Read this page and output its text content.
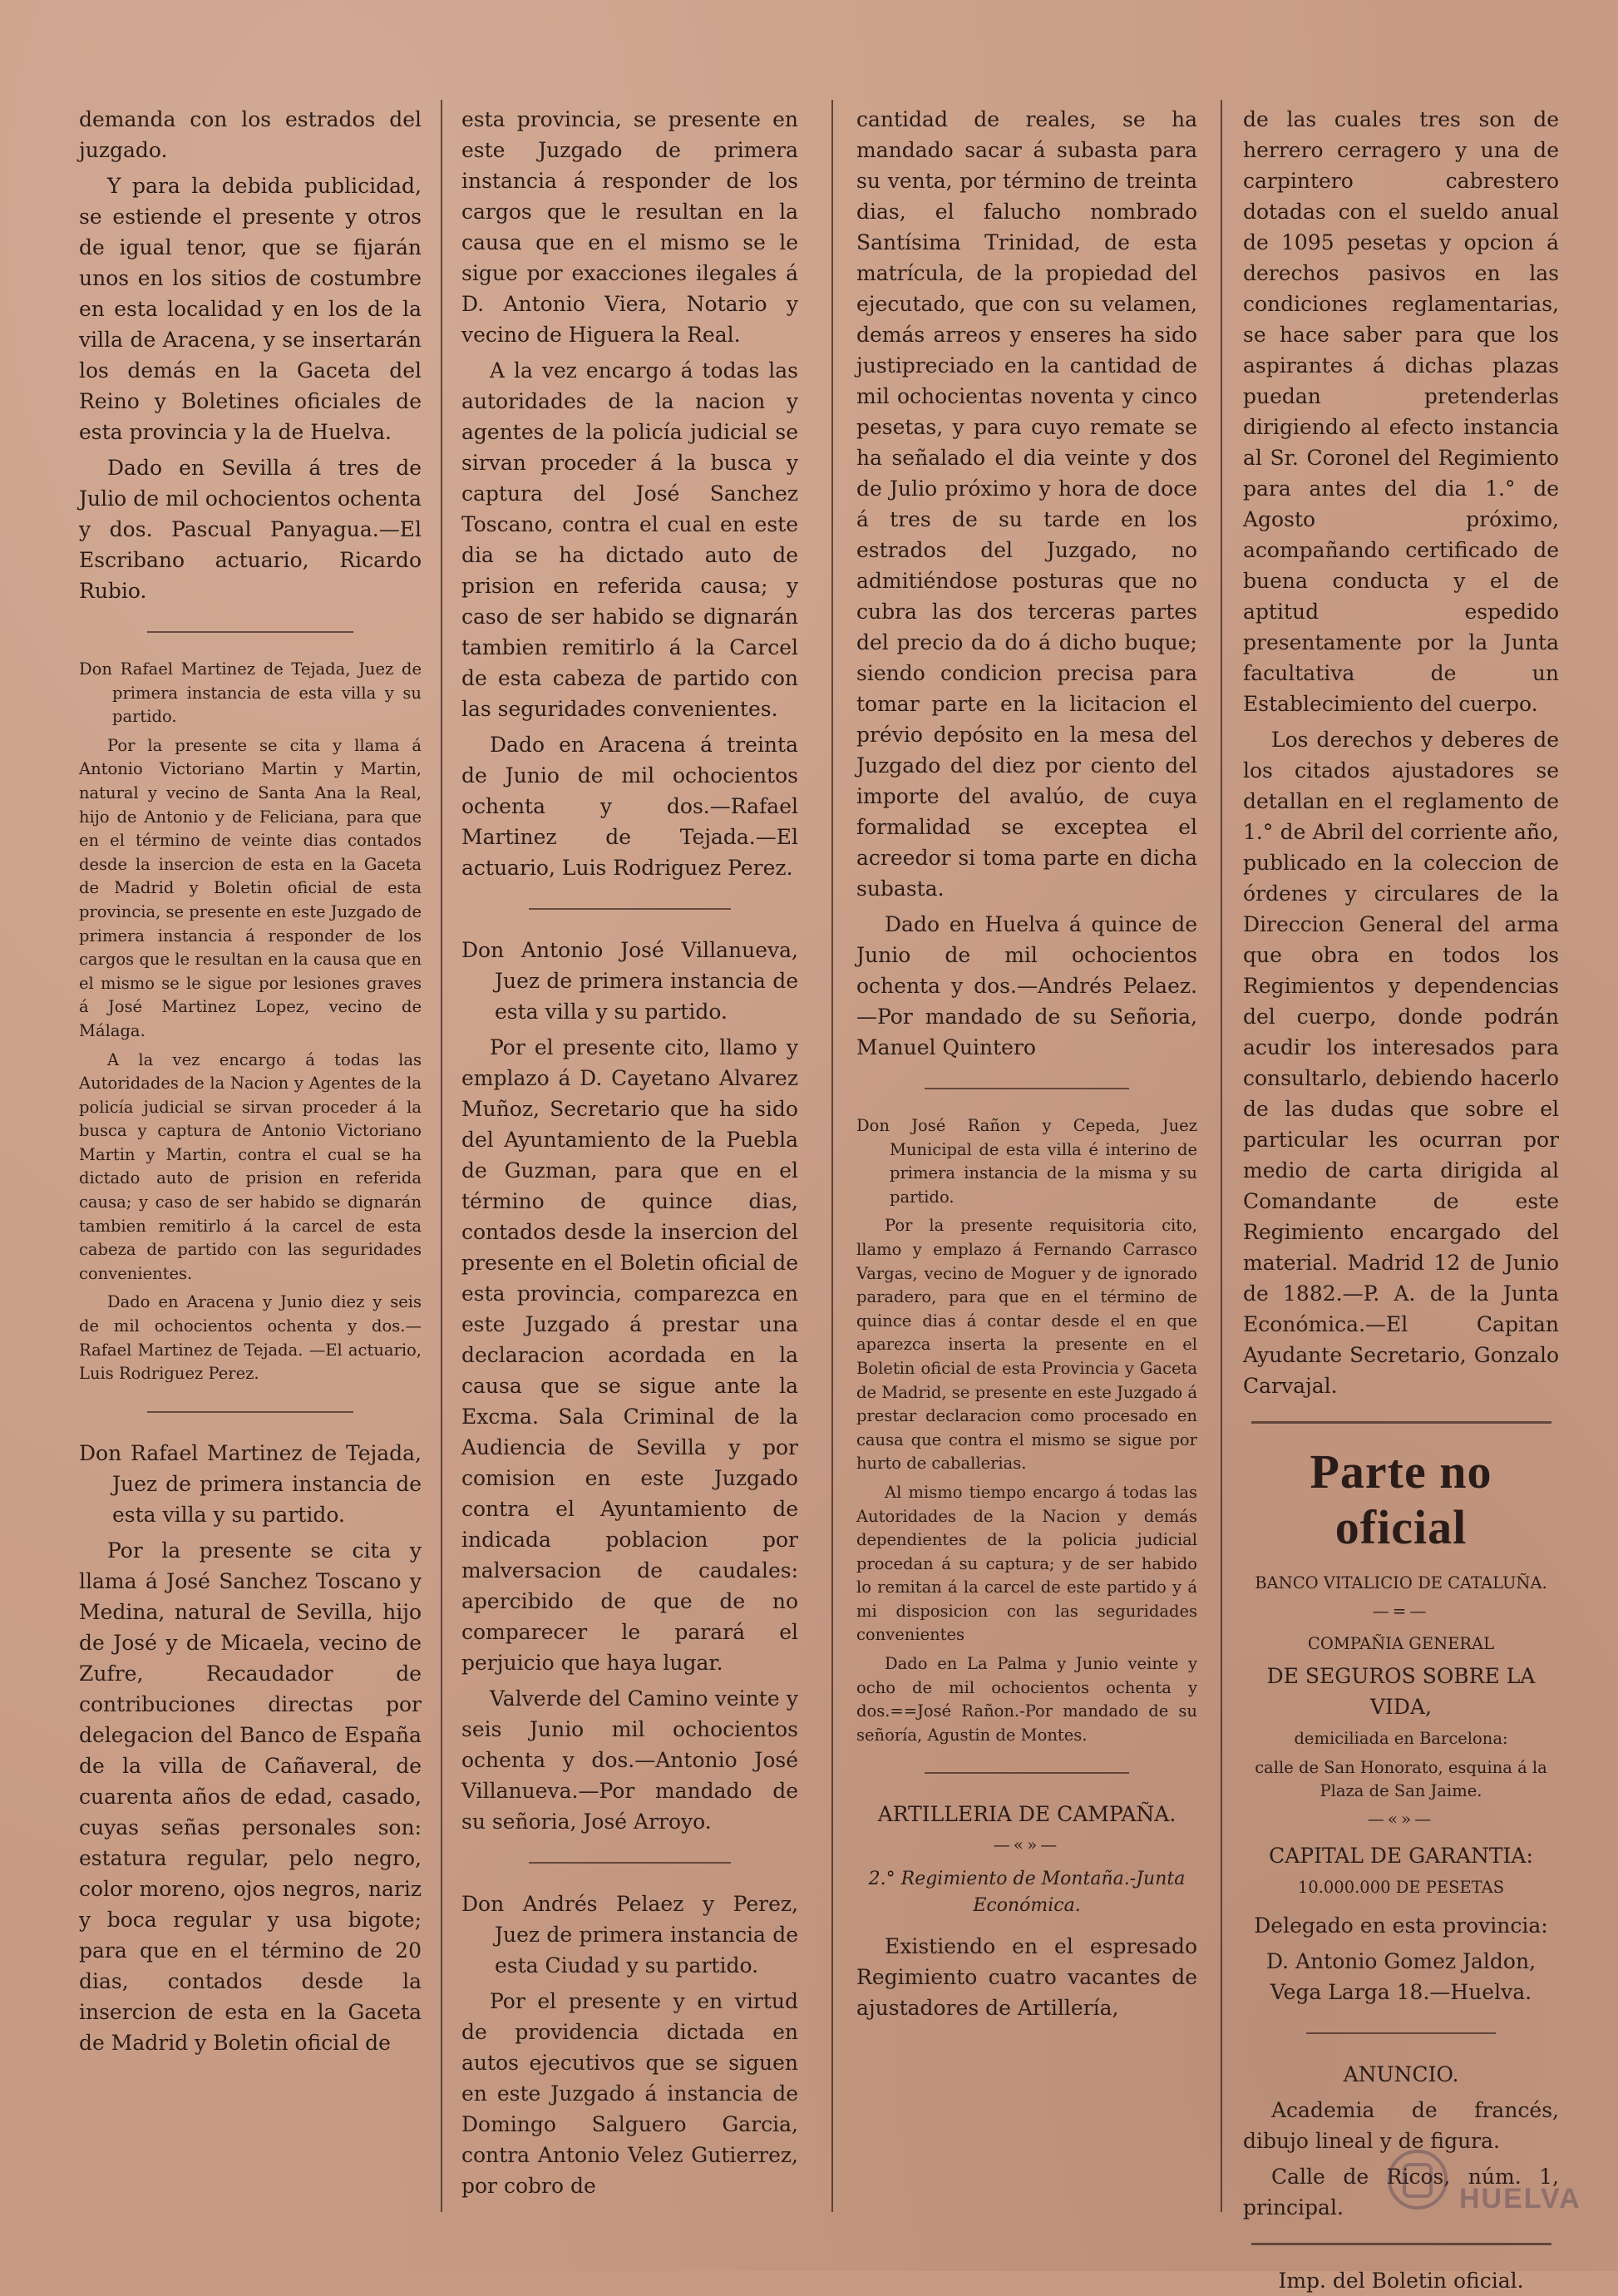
demanda con los estrados del juzgado.

Y para la debida publicidad, se estiende el presente y otros de igual tenor, que se fijarán unos en los sitios de costumbre en esta localidad y en los de la villa de Aracena, y se insertarán los demás en la Gaceta del Reino y Boletines oficiales de esta provincia y la de Huelva.

Dado en Sevilla á tres de Julio de mil ochocientos ochenta y dos. Pascual Panyagua.—El Escribano actuario, Ricardo Rubio.

Don Rafael Martinez de Tejada, Juez de primera instancia de esta villa y su partido.

Por la presente se cita y llama á Antonio Victoriano Martin y Martin, natural y vecino de Santa Ana la Real, hijo de Antonio y de Feliciana, para que en el término de veinte dias contados desde la insercion de esta en la Gaceta de Madrid y Boletin oficial de esta provincia, se presente en este Juzgado de primera instancia á responder de los cargos que le resultan en la causa que en el mismo se le sigue por lesiones graves á José Martinez Lopez, vecino de Málaga.

A la vez encargo á todas las Autoridades de la Nacion y Agentes de la policía judicial se sirvan proceder á la busca y captura de Antonio Victoriano Martin y Martin, contra el cual se ha dictado auto de prision en referida causa; y caso de ser habido se dignarán tambien remitirlo á la carcel de esta cabeza de partido con las seguridades convenientes.

Dado en Aracena y Junio diez y seis de mil ochocientos ochenta y dos.—Rafael Martinez de Tejada. —El actuario, Luis Rodriguez Perez.

Don Rafael Martinez de Tejada, Juez de primera instancia de esta villa y su partido.

Por la presente se cita y llama á José Sanchez Toscano y Medina, natural de Sevilla, hijo de José y de Micaela, vecino de Zufre, Recaudador de contribuciones directas por delegacion del Banco de España de la villa de Cañaveral, de cuarenta años de edad, casado, cuyas señas personales son: estatura regular, pelo negro, color moreno, ojos negros, nariz y boca regular y usa bigote; para que en el término de 20 dias, contados desde la insercion de esta en la Gaceta de Madrid y Boletin oficial de

esta provincia, se presente en este Juzgado de primera instancia á responder de los cargos que le resultan en la causa que en el mismo se le sigue por exacciones ilegales á D. Antonio Viera, Notario y vecino de Higuera la Real.

A la vez encargo á todas las autoridades de la nacion y agentes de la policía judicial se sirvan proceder á la busca y captura del José Sanchez Toscano, contra el cual en este dia se ha dictado auto de prision en referida causa; y caso de ser habido se dignarán tambien remitirlo á la Carcel de esta cabeza de partido con las seguridades convenientes.

Dado en Aracena á treinta de Junio de mil ochocientos ochenta y dos.—Rafael Martinez de Tejada.—El actuario, Luis Rodriguez Perez.

Don Antonio José Villanueva, Juez de primera instancia de esta villa y su partido.

Por el presente cito, llamo y emplazo á D. Cayetano Alvarez Muñoz, Secretario que ha sido del Ayuntamiento de la Puebla de Guzman, para que en el término de quince dias, contados desde la insercion del presente en el Boletin oficial de esta provincia, comparezca en este Juzgado á prestar una declaracion acordada en la causa que se sigue ante la Excma. Sala Criminal de la Audiencia de Sevilla y por comision en este Juzgado contra el Ayuntamiento de indicada poblacion por malversacion de caudales: apercibido de que de no comparecer le parará el perjuicio que haya lugar.

Valverde del Camino veinte y seis Junio mil ochocientos ochenta y dos.—Antonio José Villanueva.—Por mandado de su señoria, José Arroyo.

Don Andrés Pelaez y Perez, Juez de primera instancia de esta Ciudad y su partido.

Por el presente y en virtud de providencia dictada en autos ejecutivos que se siguen en este Juzgado á instancia de Domingo Salguero Garcia, contra Antonio Velez Gutierrez, por cobro de

cantidad de reales, se ha mandado sacar á subasta para su venta, por término de treinta dias, el falucho nombrado Santísima Trinidad, de esta matrícula, de la propiedad del ejecutado, que con su velamen, demás arreos y enseres ha sido justipreciado en la cantidad de mil ochocientas noventa y cinco pesetas, y para cuyo remate se ha señalado el dia veinte y dos de Julio próximo y hora de doce á tres de su tarde en los estrados del Juzgado, no admitiéndose posturas que no cubra las dos terceras partes del precio da do á dicho buque; siendo condicion precisa para tomar parte en la licitacion el prévio depósito en la mesa del Juzgado del diez por ciento del importe del avalúo, de cuya formalidad se exceptea el acreedor si toma parte en dicha subasta.

Dado en Huelva á quince de Junio de mil ochocientos ochenta y dos.—Andrés Pelaez.—Por mandado de su Señoria, Manuel Quintero

Don José Rañon y Cepeda, Juez Municipal de esta villa é interino de primera instancia de la misma y su partido.

Por la presente requisitoria cito, llamo y emplazo á Fernando Carrasco Vargas, vecino de Moguer y de ignorado paradero, para que en el término de quince dias á contar desde el en que aparezca inserta la presente en el Boletin oficial de esta Provincia y Gaceta de Madrid, se presente en este Juzgado á prestar declaracion como procesado en causa que contra el mismo se sigue por hurto de caballerias.

Al mismo tiempo encargo á todas las Autoridades de la Nacion y demás dependientes de la policia judicial procedan á su captura; y de ser habido lo remitan á la carcel de este partido y á mi disposicion con las seguridades convenientes

Dado en La Palma y Junio veinte y ocho de mil ochocientos ochenta y dos.==José Rañon.-Por mandado de su señoría, Agustin de Montes.

ARTILLERIA DE CAMPAÑA.

—«»—

2.° Regimiento de Montaña.-Junta Económica.

Existiendo en el espresado Regimiento cuatro vacantes de ajustadores de Artillería,

de las cuales tres son de herrero cerragero y una de carpintero cabrestero dotadas con el sueldo anual de 1095 pesetas y opcion á derechos pasivos en las condiciones reglamentarias, se hace saber para que los aspirantes á dichas plazas puedan pretenderlas dirigiendo al efecto instancia al Sr. Coronel del Regimiento para antes del dia 1.° de Agosto próximo, acompañando certificado de buena conducta y el de aptitud espedido presentamente por la Junta facultativa de un Establecimiento del cuerpo.

Los derechos y deberes de los citados ajustadores se detallan en el reglamento de 1.° de Abril del corriente año, publicado en la coleccion de órdenes y circulares de la Direccion General del arma que obra en todos los Regimientos y dependencias del cuerpo, donde podrán acudir los interesados para consultarlo, debiendo hacerlo de las dudas que sobre el particular les ocurran por medio de carta dirigida al Comandante de este Regimiento encargado del material. Madrid 12 de Junio de 1882.—P. A. de la Junta Económica.—El Capitan Ayudante Secretario, Gonzalo Carvajal.

Parte no oficial

BANCO VITALICIO DE CATALUÑA.

—=—

COMPAÑIA GENERAL

DE SEGUROS SOBRE LA VIDA,

demiciliada en Barcelona:

calle de San Honorato, esquina á la Plaza de San Jaime.

—«»—

CAPITAL DE GARANTIA:

10.000.000 DE PESETAS

Delegado en esta provincia:

D. Antonio Gomez Jaldon, Vega Larga 18.—Huelva.

ANUNCIO.

Academia de francés, dibujo lineal y de figura.

Calle de Ricos, núm. 1, principal.

Imp. del Boletin oficial.

HUELVA
